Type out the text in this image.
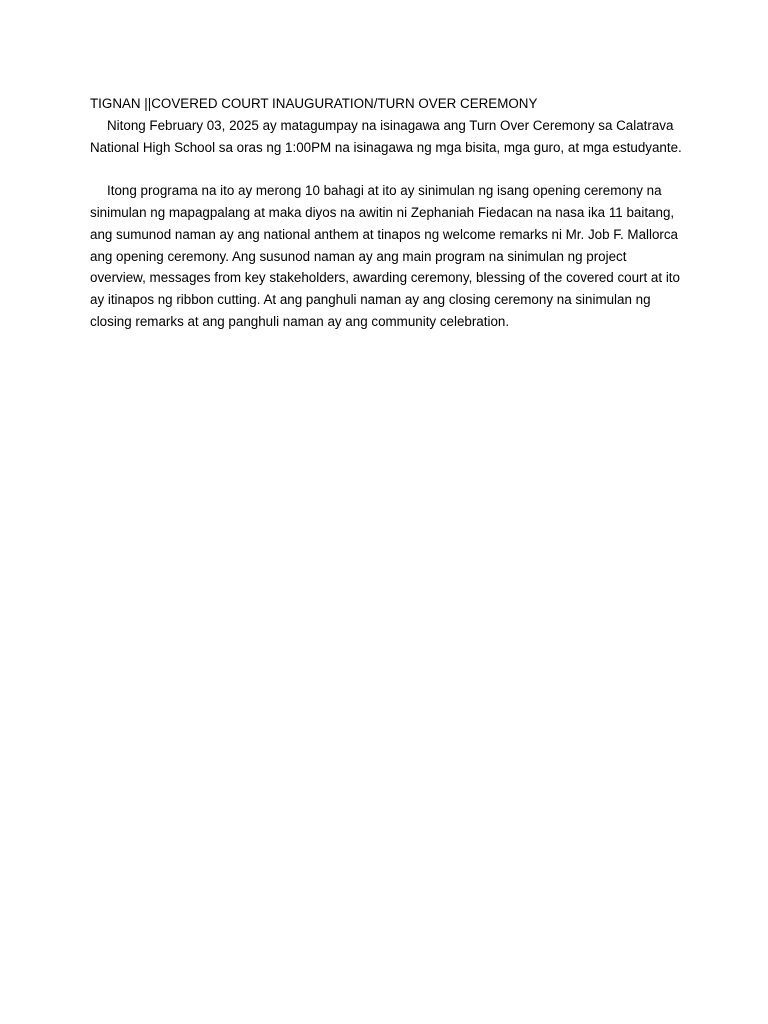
TIGNAN ||COVERED COURT INAUGURATION/TURN OVER CEREMONY

Nitong February 03, 2025 ay matagumpay na isinagawa ang Turn Over Ceremony sa Calatrava National High School sa oras ng 1:00PM na isinagawa ng mga bisita, mga guro, at mga estudyante.

Itong programa na ito ay merong 10 bahagi at ito ay sinimulan ng isang opening ceremony na sinimulan ng mapagpalang at maka diyos na awitin ni Zephaniah Fiedacan na nasa ika 11 baitang, ang sumunod naman ay ang national anthem at tinapos ng welcome remarks ni Mr. Job F. Mallorca ang opening ceremony. Ang susunod naman ay ang main program na sinimulan ng project overview, messages from key stakeholders, awarding ceremony, blessing of the covered court at ito ay itinapos ng ribbon cutting. At ang panghuli naman ay ang closing ceremony na sinimulan ng closing remarks at ang panghuli naman ay ang community celebration.
